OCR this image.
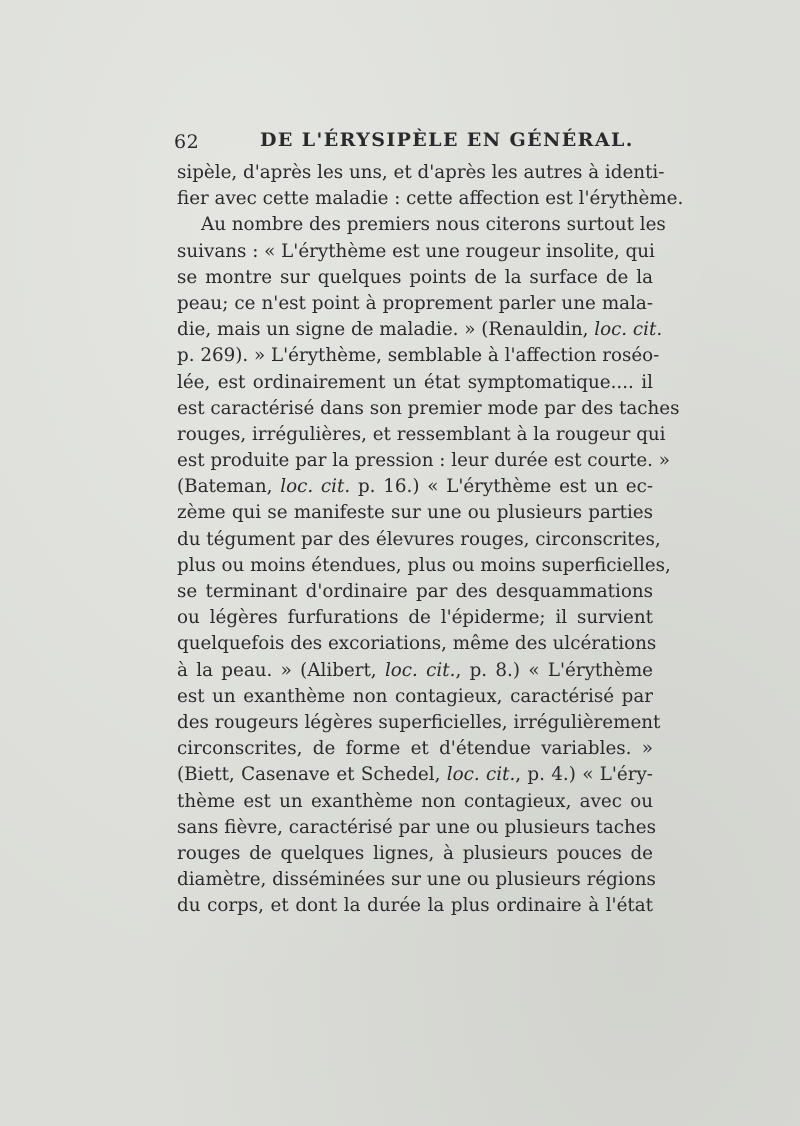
62	DE L'ÉRYSIPÈLE EN GÉNÉRAL.
sipèle, d'après les uns, et d'après les autres à identi-
fier avec cette maladie : cette affection est l'érythème.
Au nombre des premiers nous citerons surtout les
suivans : « L'érythème est une rougeur insolite, qui
se montre sur quelques points de la surface de la
peau; ce n'est point à proprement parler une mala-
die, mais un signe de maladie. » (Renauldin, loc. cit.
p. 269). » L'érythème, semblable à l'affection roséo-
lée, est ordinairement un état symptomatique.... il
est caractérisé dans son premier mode par des taches
rouges, irrégulières, et ressemblant à la rougeur qui
est produite par la pression : leur durée est courte. »
(Bateman, loc. cit. p. 16.) « L'érythème est un ec-
zème qui se manifeste sur une ou plusieurs parties
du tégument par des élevures rouges, circonscrites,
plus ou moins étendues, plus ou moins superficielles,
se terminant d'ordinaire par des desquammations
ou légères furfurations de l'épiderme; il survient
quelquefois des excoriations, même des ulcérations
à la peau. » (Alibert, loc. cit., p. 8.) « L'érythème
est un exanthème non contagieux, caractérisé par
des rougeurs légères superficielles, irrégulièrement
circonscrites, de forme et d'étendue variables. »
(Biett, Casenave et Schedel, loc. cit., p. 4.) « L'éry-
thème est un exanthème non contagieux, avec ou
sans fièvre, caractérisé par une ou plusieurs taches
rouges de quelques lignes, à plusieurs pouces de
diamètre, disséminées sur une ou plusieurs régions
du corps, et dont la durée la plus ordinaire à l'état
